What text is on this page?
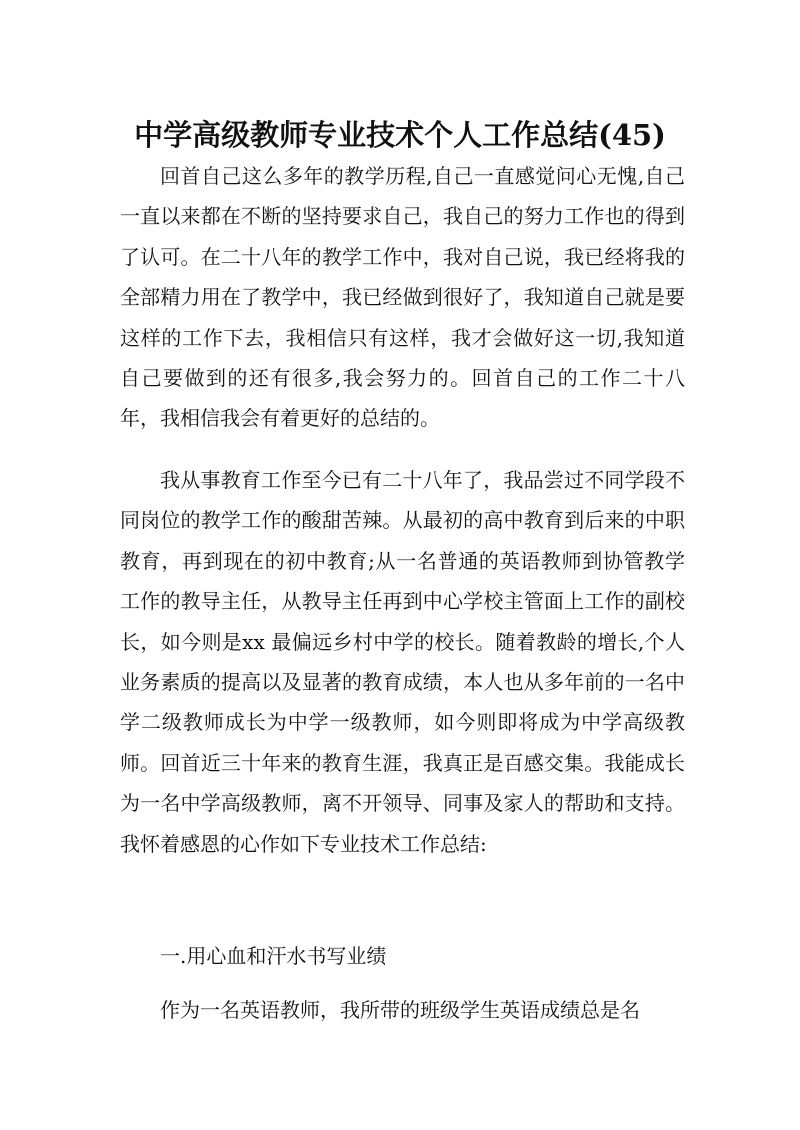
中学高级教师专业技术个人工作总结(45)

回首自己这么多年的教学历程,自己一直感觉问心无愧,自己一直以来都在不断的坚持要求自己，我自己的努力工作也的得到了认可。在二十八年的教学工作中，我对自己说，我已经将我的全部精力用在了教学中，我已经做到很好了，我知道自己就是要这样的工作下去，我相信只有这样，我才会做好这一切,我知道自己要做到的还有很多,我会努力的。回首自己的工作二十八年，我相信我会有着更好的总结的。

我从事教育工作至今已有二十八年了，我品尝过不同学段不同岗位的教学工作的酸甜苦辣。从最初的高中教育到后来的中职教育，再到现在的初中教育;从一名普通的英语教师到协管教学工作的教导主任，从教导主任再到中心学校主管面上工作的副校长，如今则是xx 最偏远乡村中学的校长。随着教龄的增长,个人业务素质的提高以及显著的教育成绩，本人也从多年前的一名中学二级教师成长为中学一级教师，如今则即将成为中学高级教师。回首近三十年来的教育生涯，我真正是百感交集。我能成长为一名中学高级教师，离不开领导、同事及家人的帮助和支持。我怀着感恩的心作如下专业技术工作总结:

一.用心血和汗水书写业绩

作为一名英语教师，我所带的班级学生英语成绩总是名
